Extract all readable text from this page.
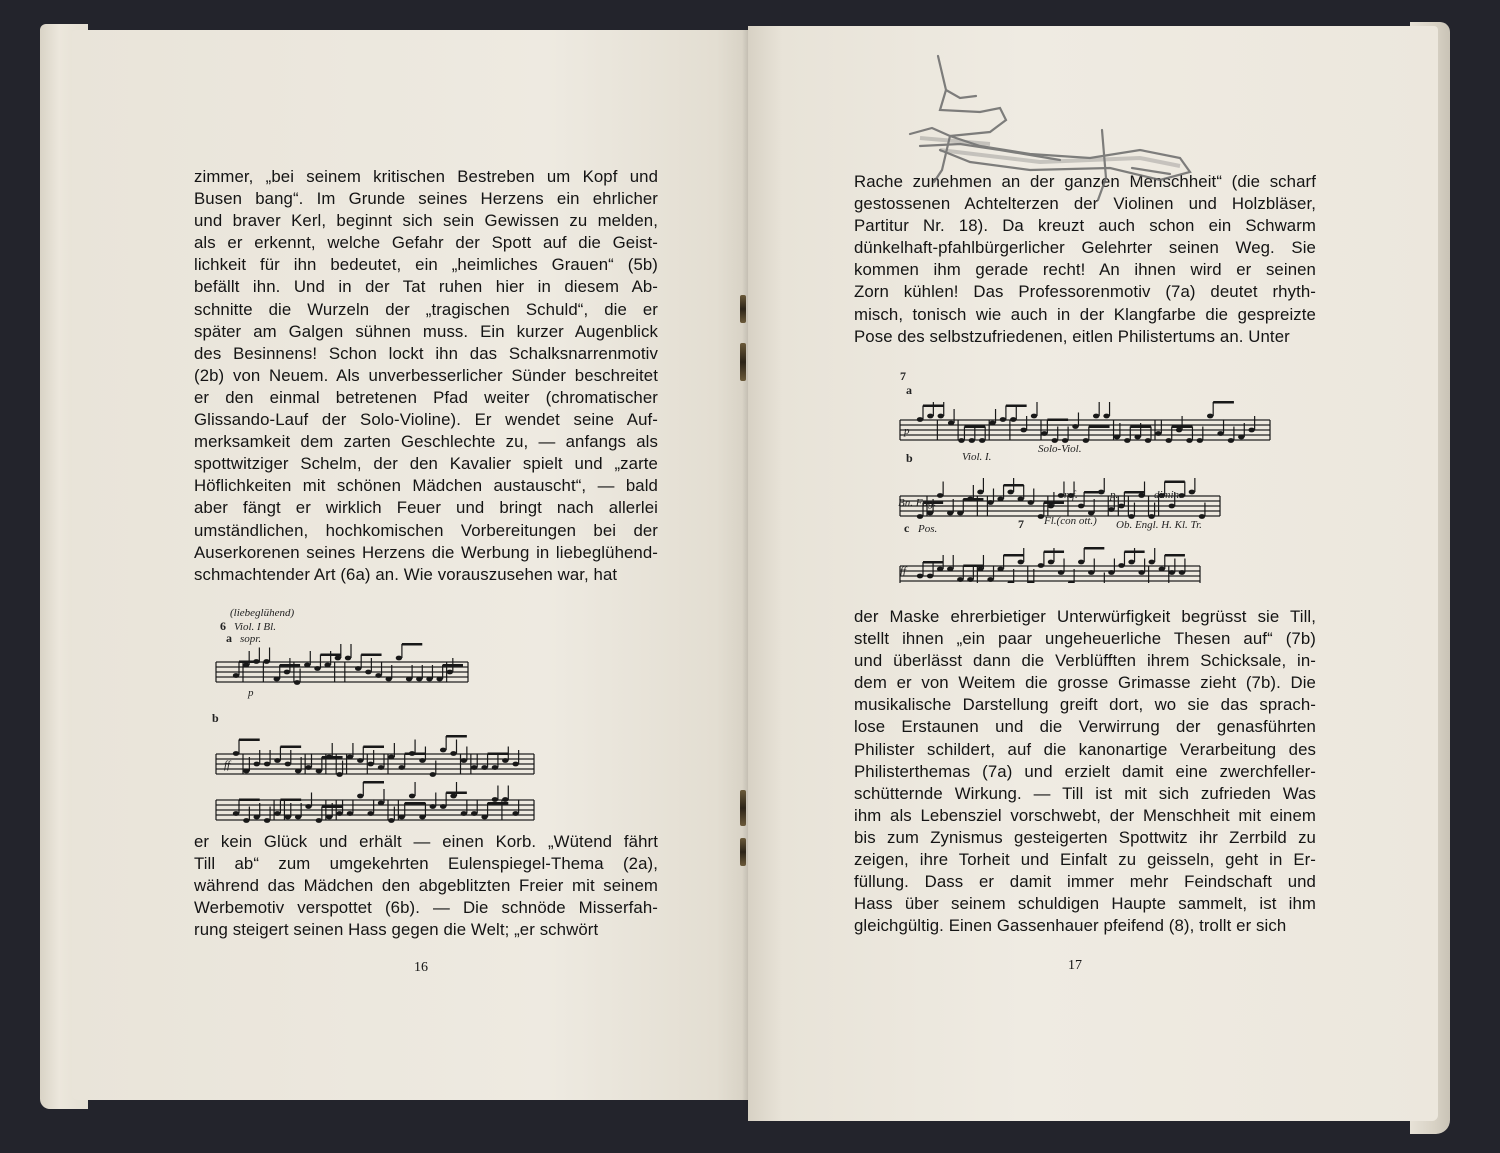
zimmer, „bei seinem kritischen Bestreben um Kopf und
Busen bang“. Im Grunde seines Herzens ein ehrlicher
und braver Kerl, beginnt sich sein Gewissen zu melden,
als er erkennt, welche Gefahr der Spott auf die Geist-
lichkeit für ihn bedeutet, ein „heimliches Grauen“ (5b)
befällt ihn. Und in der Tat ruhen hier in diesem Ab-
schnitte die Wurzeln der „tragischen Schuld“, die er
später am Galgen sühnen muss. Ein kurzer Augenblick
des Besinnens! Schon lockt ihn das Schalksnarrenmotiv
(2b) von Neuem. Als unverbesserlicher Sünder beschreitet
er den einmal betretenen Pfad weiter (chromatischer
Glissando-Lauf der Solo-Violine). Er wendet seine Auf-
merksamkeit dem zarten Geschlechte zu, — anfangs als
spottwitziger Schelm, der den Kavalier spielt und „zarte
Höflichkeiten mit schönen Mädchen austauscht“, — bald
aber fängt er wirklich Feuer und bringt nach allerlei
umständlichen, hochkomischen Vorbereitungen bei der
Auserkorenen seines Herzens die Werbung in liebeglühend-
schmachtender Art (6a) an. Wie vorauszusehen war, hat
(liebeglühend)
6 Viol. I Bl.
a sopr.
p
b
ff
er kein Glück und erhält — einen Korb. „Wütend fährt
Till ab“ zum umgekehrten Eulenspiegel-Thema (2a),
während das Mädchen den abgeblitzten Freier mit seinem
Werbemotiv verspottet (6b). — Die schnöde Misserfah-
rung steigert seinen Hass gegen die Welt; „er schwört
16
Rache zunehmen an der ganzen Menschheit“ (die scharf
gestossenen Achtelterzen der Violinen und Holzbläser,
Partitur Nr. 18). Da kreuzt auch schon ein Schwarm
dünkelhaft-pfahlbürgerlicher Gelehrter seinen Weg. Sie
kommen ihm gerade recht! An ihnen wird er seinen
Zorn kühlen! Das Professorenmotiv (7a) deutet rhyth-
misch, tonisch wie auch in der Klangfarbe die gespreizte
Pose des selbstzufriedenen, eitlen Philistertums an. Unter
7
a
p
b	Viol. I.
Solo-Viol.
Bn. Fag.
mf.	p.	dimin.
c Pos.	7 Fl.(con ott.) Ob. Engl. H. Kl. Tr.
ff
der Maske ehrerbietiger Unterwürfigkeit begrüsst sie Till,
stellt ihnen „ein paar ungeheuerliche Thesen auf“ (7b)
und überlässt dann die Verblüfften ihrem Schicksale, in-
dem er von Weitem die grosse Grimasse zieht (7b). Die
musikalische Darstellung greift dort, wo sie das sprach-
lose Erstaunen und die Verwirrung der genasführten
Philister schildert, auf die kanonartige Verarbeitung des
Philisterthemas (7a) und erzielt damit eine zwerchfeller-
schütternde Wirkung. — Till ist mit sich zufrieden Was
ihm als Lebensziel vorschwebt, der Menschheit mit einem
bis zum Zynismus gesteigerten Spottwitz ihr Zerrbild zu
zeigen, ihre Torheit und Einfalt zu geisseln, geht in Er-
füllung. Dass er damit immer mehr Feindschaft und
Hass über seinem schuldigen Haupte sammelt, ist ihm
gleichgültig. Einen Gassenhauer pfeifend (8), trollt er sich
17
